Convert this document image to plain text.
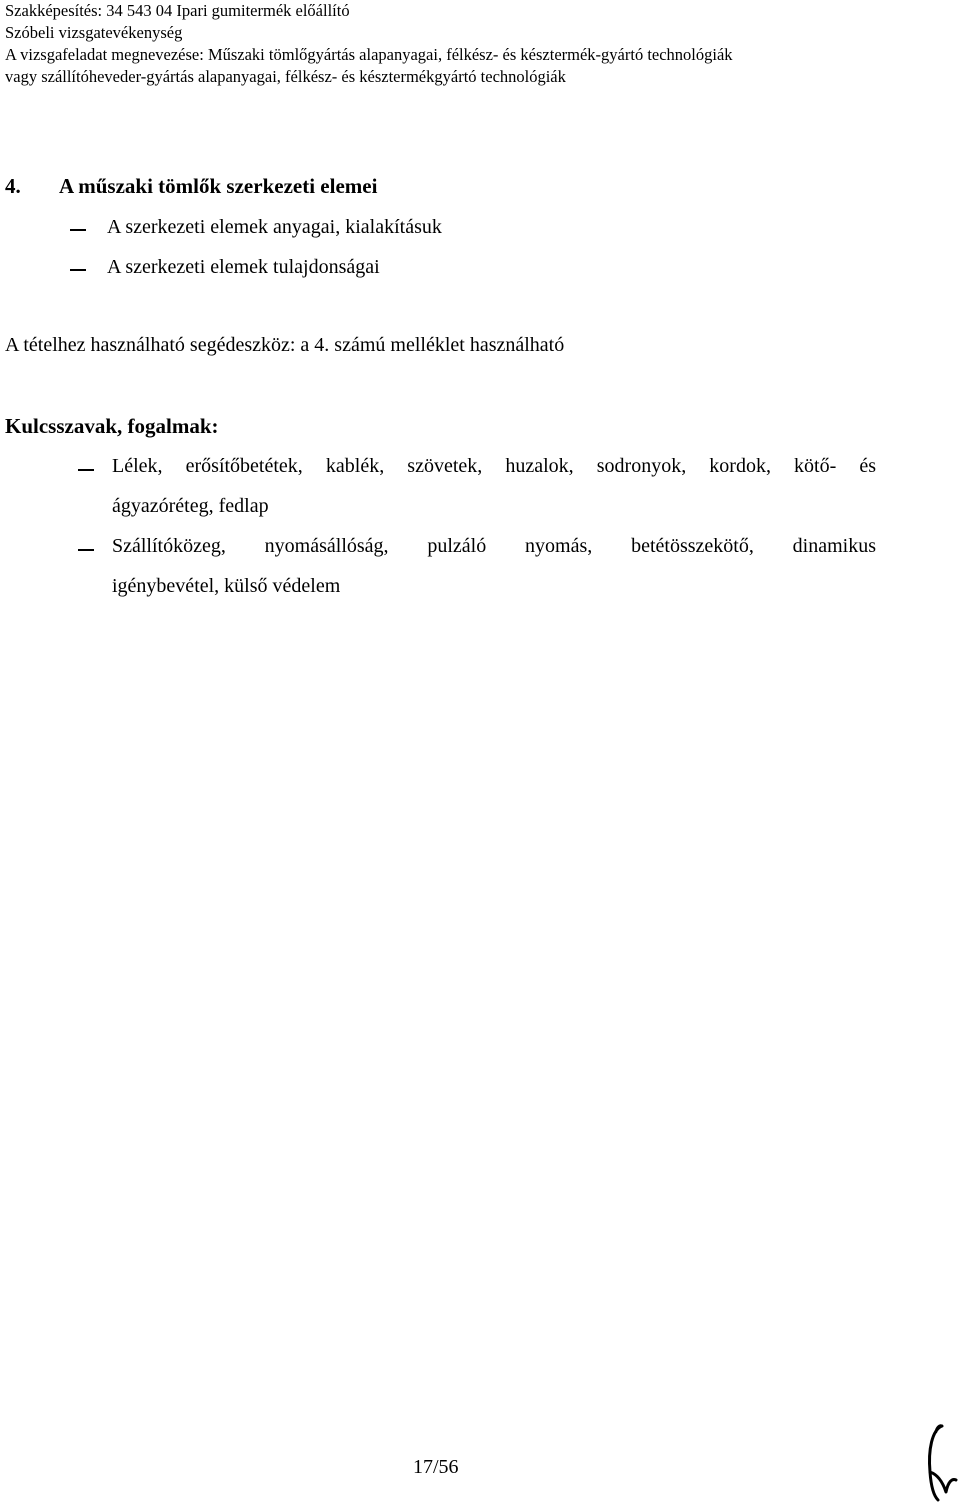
Szakképesítés: 34 543 04 Ipari gumitermék előállító
Szóbeli vizsgatevékenység
A vizsgafeladat megnevezése: Műszaki tömlőgyártás alapanyagai, félkész- és késztermék-gyártó technológiák
vagy szállítóheveder-gyártás alapanyagai, félkész- és késztermékgyártó technológiák
4. A műszaki tömlők szerkezeti elemei
A szerkezeti elemek anyagai, kialakításuk
A szerkezeti elemek tulajdonságai
A tételhez használható segédeszköz: a 4. számú melléklet használható
Kulcsszavak, fogalmak:
Lélek, erősítőbetétek, kablék, szövetek, huzalok, sodronyok, kordok, kötő- és
ágyazóréteg, fedlap
Szállítóközeg, nyomásállóság, pulzáló nyomás, betétösszekötő, dinamikus
igénybevétel, külső védelem
17/56
